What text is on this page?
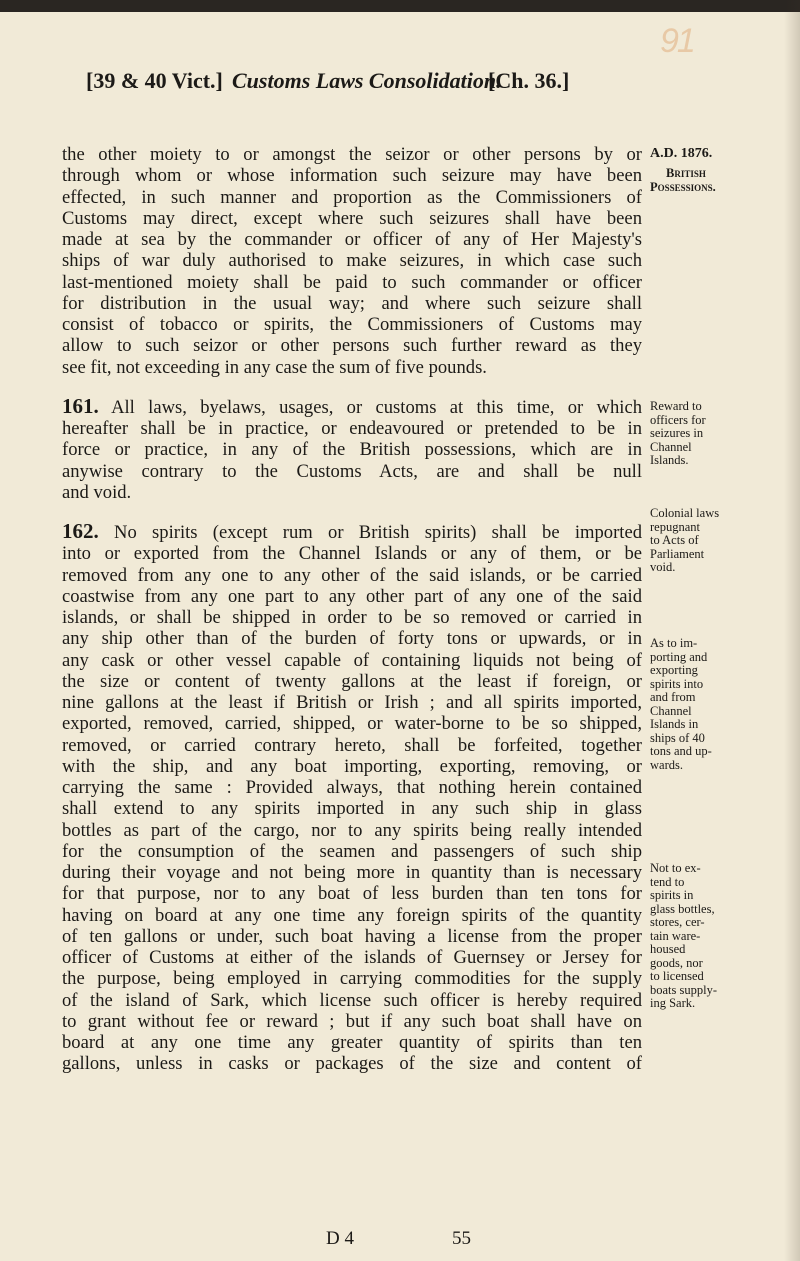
91
[39 & 40 Vict.] Customs Laws Consolidation.
[Ch. 36.]
the other moiety to or amongst the seizor or other persons by or
through whom or whose information such seizure may have been
effected, in such manner and proportion as the Commissioners of
Customs may direct, except where such seizures shall have been
made at sea by the commander or officer of any of Her Majesty's
ships of war duly authorised to make seizures, in which case such
last-mentioned moiety shall be paid to such commander or officer
for distribution in the usual way; and where such seizure shall
consist of tobacco or spirits, the Commissioners of Customs may
allow to such seizor or other persons such further reward as they
see fit, not exceeding in any case the sum of five pounds.
161. All laws, byelaws, usages, or customs at this time, or which
hereafter shall be in practice, or endeavoured or pretended to be in
force or practice, in any of the British possessions, which are in
anywise contrary to the Customs Acts, are and shall be null
and void.
162. No spirits (except rum or British spirits) shall be imported
into or exported from the Channel Islands or any of them, or be
removed from any one to any other of the said islands, or be carried
coastwise from any one part to any other part of any one of the said
islands, or shall be shipped in order to be so removed or carried in
any ship other than of the burden of forty tons or upwards, or in
any cask or other vessel capable of containing liquids not being of
the size or content of twenty gallons at the least if foreign, or
nine gallons at the least if British or Irish ; and all spirits imported,
exported, removed, carried, shipped, or water-borne to be so shipped,
removed, or carried contrary hereto, shall be forfeited, together
with the ship, and any boat importing, exporting, removing, or
carrying the same : Provided always, that nothing herein contained
shall extend to any spirits imported in any such ship in glass
bottles as part of the cargo, nor to any spirits being really intended
for the consumption of the seamen and passengers of such ship
during their voyage and not being more in quantity than is necessary
for that purpose, nor to any boat of less burden than ten tons for
having on board at any one time any foreign spirits of the quantity
of ten gallons or under, such boat having a license from the proper
officer of Customs at either of the islands of Guernsey or Jersey for
the purpose, being employed in carrying commodities for the supply
of the island of Sark, which license such officer is hereby required
to grant without fee or reward ; but if any such boat shall have on
board at any one time any greater quantity of spirits than ten
gallons, unless in casks or packages of the size and content of
A.D. 1876.
British
Possessions.
Reward to
officers for
seizures in
Channel
Islands.
Colonial laws
repugnant
to Acts of
Parliament
void.
As to im-
porting and
exporting
spirits into
and from
Channel
Islands in
ships of 40
tons and up-
wards.
Not to ex-
tend to
spirits in
glass bottles,
stores, cer-
tain ware-
housed
goods, nor
to licensed
boats supply-
ing Sark.
D 4	55
